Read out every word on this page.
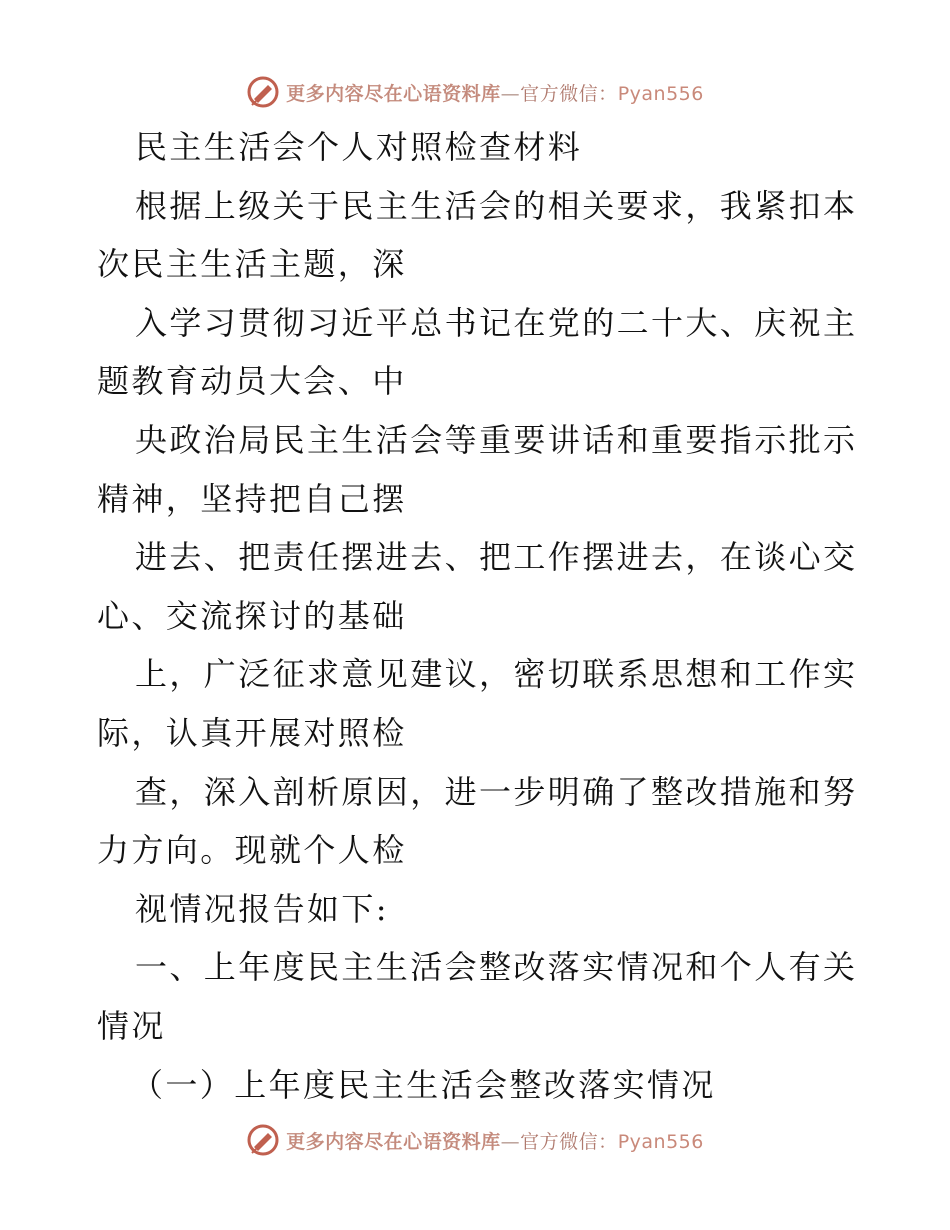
更多内容尽在心语资料库—官方微信：Pyan556
民主生活会个人对照检查材料
根据上级关于民主生活会的相关要求，我紧扣本
次民主生活主题，深
入学习贯彻习近平总书记在党的二十大、庆祝主
题教育动员大会、中
央政治局民主生活会等重要讲话和重要指示批示
精神，坚持把自己摆
进去、把责任摆进去、把工作摆进去，在谈心交
心、交流探讨的基础
上，广泛征求意见建议，密切联系思想和工作实
际，认真开展对照检
查，深入剖析原因，进一步明确了整改措施和努
力方向。现就个人检
视情况报告如下:
一、上年度民主生活会整改落实情况和个人有关
情况
（一）上年度民主生活会整改落实情况
更多内容尽在心语资料库—官方微信：Pyan556
